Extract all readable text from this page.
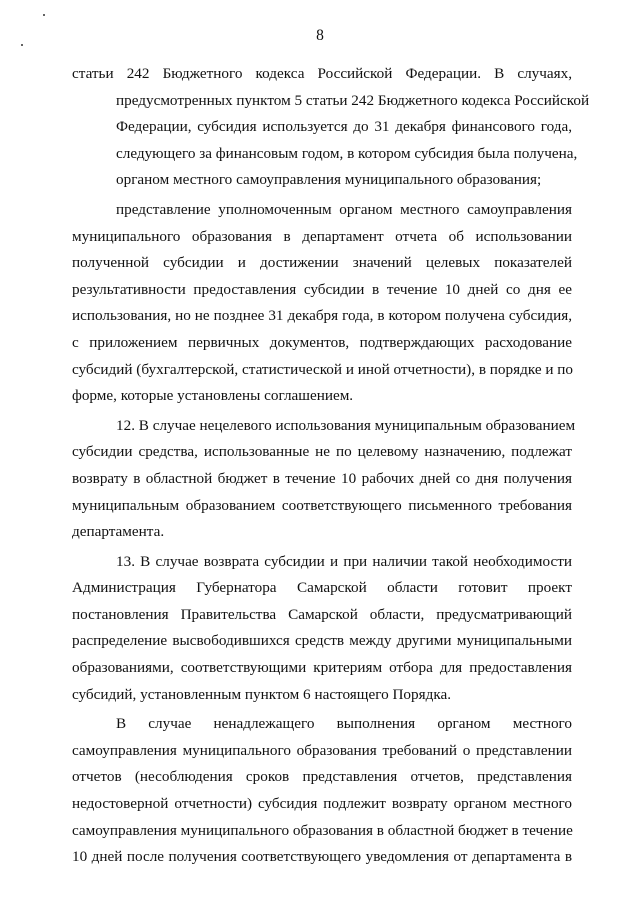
8
статьи 242 Бюджетного кодекса Российской Федерации. В случаях,
предусмотренных пунктом 5 статьи 242 Бюджетного кодекса Российской
Федерации, субсидия используется до 31 декабря финансового года,
следующего за финансовым годом, в котором субсидия была получена,
органом местного самоуправления муниципального образования;
представление уполномоченным органом местного самоуправления
муниципального образования в департамент отчета об использовании
полученной субсидии и достижении значений целевых показателей
результативности предоставления субсидии в течение 10 дней со дня ее
использования, но не позднее 31 декабря года, в котором получена субсидия,
с приложением первичных документов, подтверждающих расходование
субсидий (бухгалтерской, статистической и иной отчетности), в порядке и по
форме, которые установлены соглашением.
12. В случае нецелевого использования муниципальным образованием
субсидии средства, использованные не по целевому назначению, подлежат
возврату в областной бюджет в течение 10 рабочих дней со дня получения
муниципальным образованием соответствующего письменного требования
департамента.
13. В случае возврата субсидии и при наличии такой необходимости
Администрация Губернатора Самарской области готовит проект
постановления Правительства Самарской области, предусматривающий
распределение высвободившихся средств между другими муниципальными
образованиями, соответствующими критериям отбора для предоставления
субсидий, установленным пунктом 6 настоящего Порядка.
В случае ненадлежащего выполнения органом местного
самоуправления муниципального образования требований о представлении
отчетов (несоблюдения сроков представления отчетов, представления
недостоверной отчетности) субсидия подлежит возврату органом местного
самоуправления муниципального образования в областной бюджет в течение
10 дней после получения соответствующего уведомления от департамента в
